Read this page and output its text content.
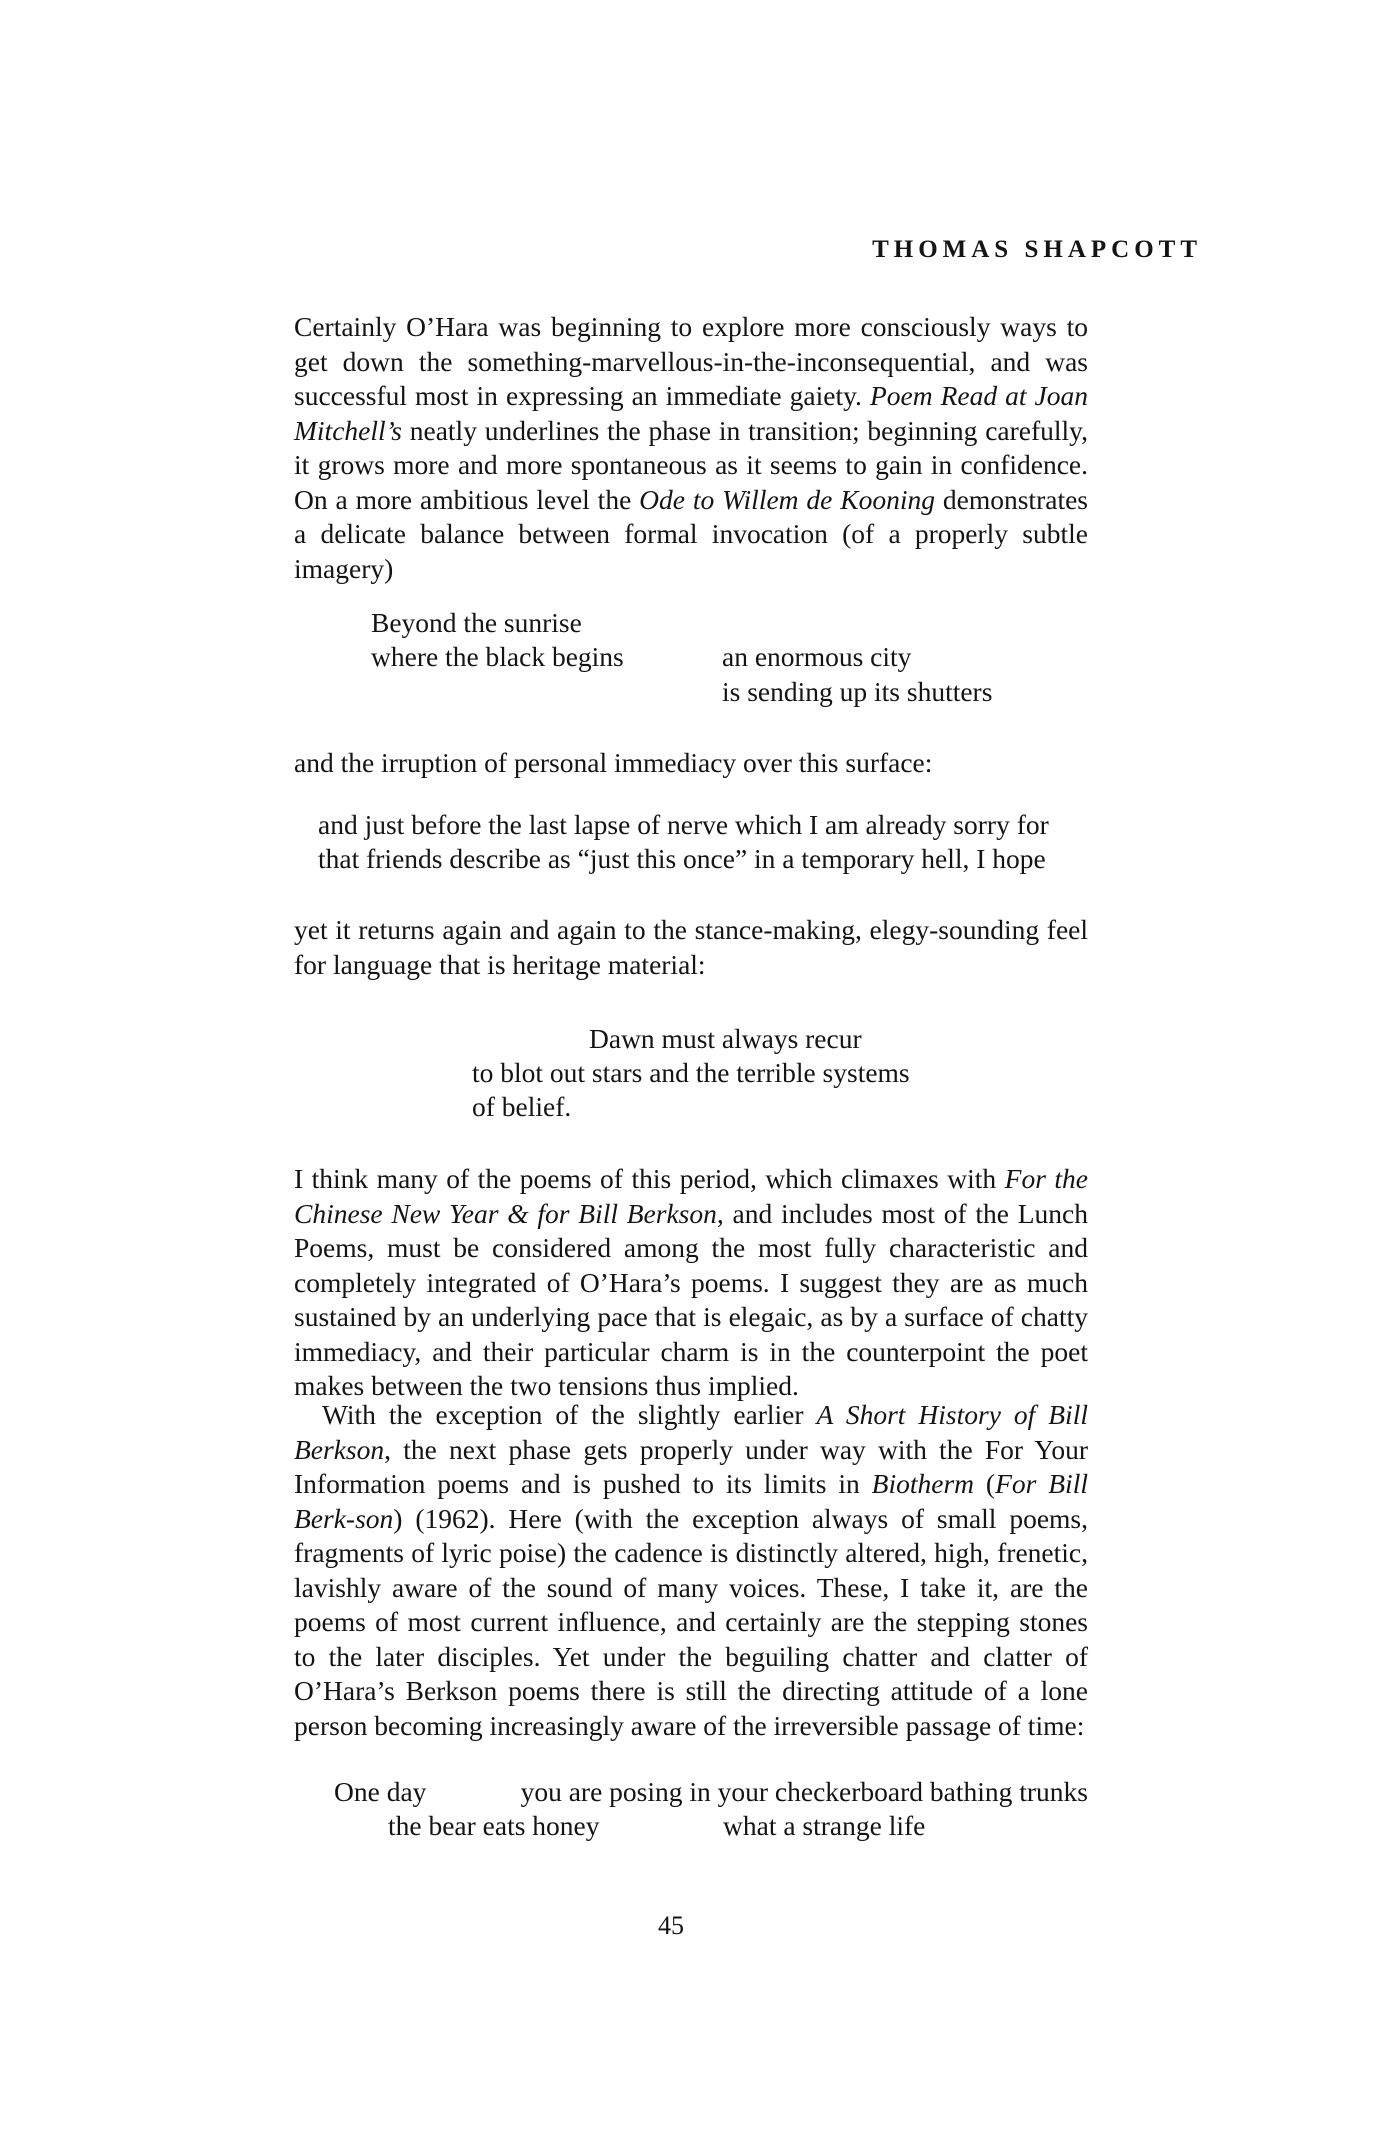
THOMAS SHAPCOTT
Certainly O’Hara was beginning to explore more consciously ways to get down the something-marvellous-in-the-inconsequential, and was successful most in expressing an immediate gaiety. Poem Read at Joan Mitchell’s neatly underlines the phase in transition; beginning carefully, it grows more and more spontaneous as it seems to gain in confidence. On a more ambitious level the Ode to Willem de Kooning demonstrates a delicate balance between formal invocation (of a properly subtle imagery)
Beyond the sunrise
where the black begins	an enormous city
is sending up its shutters
and the irruption of personal immediacy over this surface:
and just before the last lapse of nerve which I am already sorry for
that friends describe as “just this once” in a temporary hell, I hope
yet it returns again and again to the stance-making, elegy-sounding feel for language that is heritage material:
Dawn must always recur
to blot out stars and the terrible systems
of belief.
I think many of the poems of this period, which climaxes with For the Chinese New Year & for Bill Berkson, and includes most of the Lunch Poems, must be considered among the most fully characteristic and completely integrated of O’Hara’s poems. I suggest they are as much sustained by an underlying pace that is elegaic, as by a surface of chatty immediacy, and their particular charm is in the counterpoint the poet makes between the two tensions thus implied.
With the exception of the slightly earlier A Short History of Bill Berkson, the next phase gets properly under way with the For Your Information poems and is pushed to its limits in Biotherm (For Bill Berk-son) (1962). Here (with the exception always of small poems, fragments of lyric poise) the cadence is distinctly altered, high, frenetic, lavishly aware of the sound of many voices. These, I take it, are the poems of most current influence, and certainly are the stepping stones to the later disciples. Yet under the beguiling chatter and clatter of O’Hara’s Berkson poems there is still the directing attitude of a lone person becoming increasingly aware of the irreversible passage of time:
One day	you are posing in your checkerboard bathing trunks
the bear eats honey	what a strange life
45
